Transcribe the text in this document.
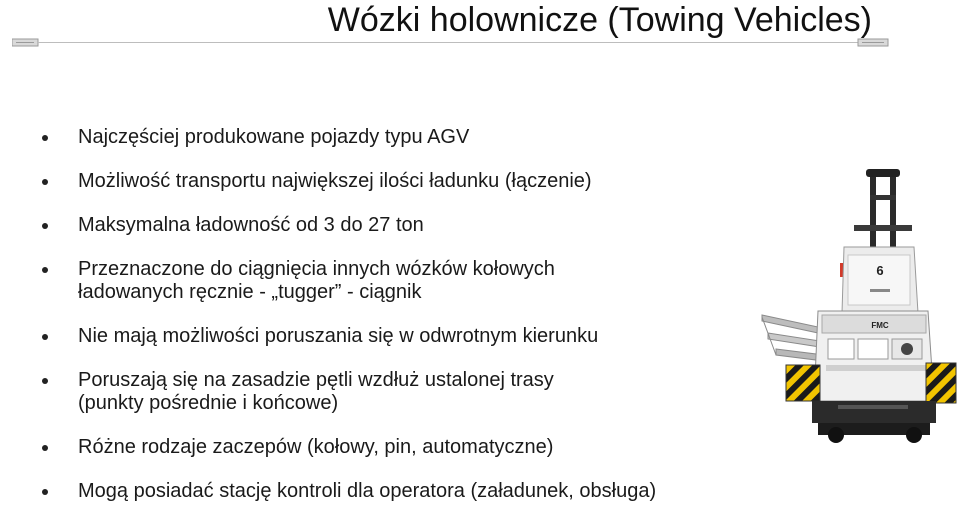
Wózki holownicze (Towing Vehicles)
Najczęściej produkowane pojazdy typu AGV
Możliwość transportu największej ilości ładunku (łączenie)
Maksymalna ładowność od 3 do 27 ton
Przeznaczone do ciągnięcia innych wózków kołowych
ładowanych ręcznie - „tugger” - ciągnik
Nie mają możliwości poruszania się w odwrotnym kierunku
Poruszają się na zasadzie pętli wzdłuż ustalonej trasy
(punkty pośrednie i końcowe)
Różne rodzaje zaczepów (kołowy, pin, automatyczne)
Mogą posiadać stację kontroli dla operatora (załadunek, obsługa)
6
FMC
